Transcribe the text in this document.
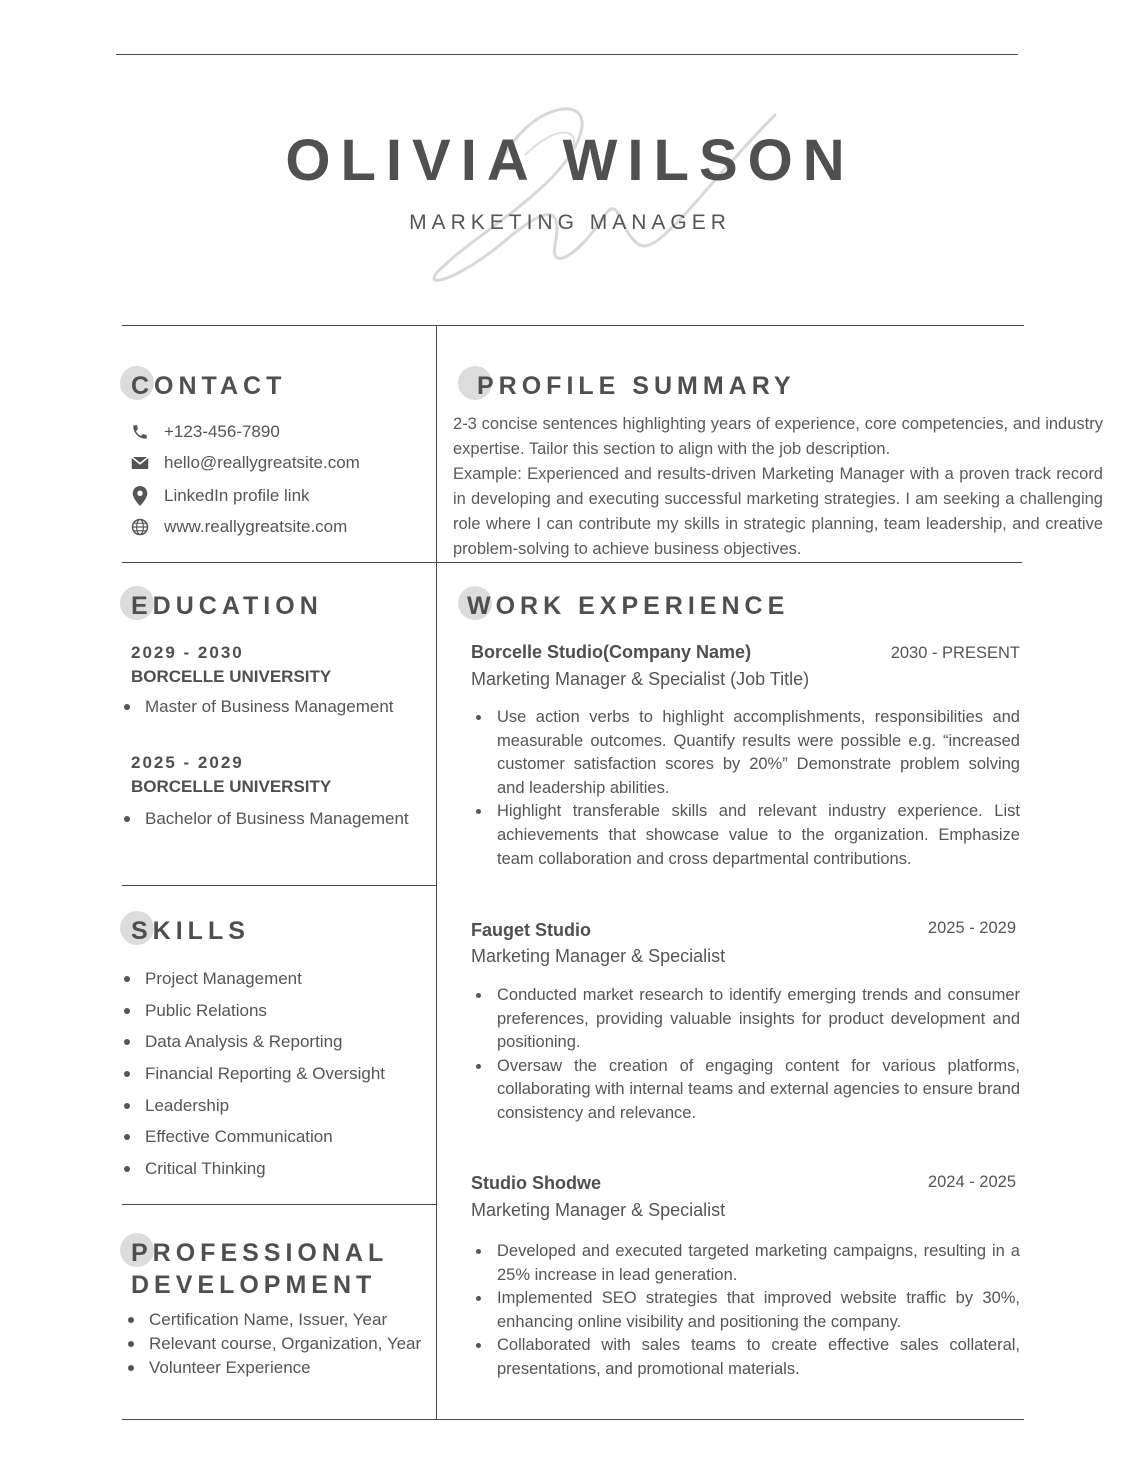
OLIVIA WILSON
MARKETING MANAGER
CONTACT
+123-456-7890
hello@reallygreatsite.com
LinkedIn profile link
www.reallygreatsite.com
PROFILE SUMMARY

2-3 concise sentences highlighting years of experience, core competencies, and industry expertise. Tailor this section to align with the job description.

Example: Experienced and results-driven Marketing Manager with a proven track record in developing and executing successful marketing strategies. I am seeking a challenging role where I can contribute my skills in strategic planning, team leadership, and creative problem-solving to achieve business objectives.

EDUCATION
2029 - 2030
BORCELLE UNIVERSITY
Master of Business Management
2025 - 2029
BORCELLE UNIVERSITY
Bachelor of Business Management
SKILLS
Project Management
Public Relations
Data Analysis & Reporting
Financial Reporting & Oversight
Leadership
Effective Communication
Critical Thinking
PROFESSIONAL
DEVELOPMENT
Certification Name, Issuer, Year
Relevant course, Organization, Year
Volunteer Experience
WORK EXPERIENCE
Borcelle Studio(Company Name)	2030 - PRESENT
Marketing Manager & Specialist (Job Title)
Use action verbs to highlight accomplishments, responsibilities and measurable outcomes. Quantify results were possible e.g. “increased customer satisfaction scores by 20%” Demonstrate problem solving and leadership abilities.
Highlight transferable skills and relevant industry experience. List achievements that showcase value to the organization. Emphasize team collaboration and cross departmental contributions.
Fauget Studio	2025 - 2029
Marketing Manager & Specialist
Conducted market research to identify emerging trends and consumer preferences, providing valuable insights for product development and positioning.
Oversaw the creation of engaging content for various platforms, collaborating with internal teams and external agencies to ensure brand consistency and relevance.
Studio Shodwe	2024 - 2025
Marketing Manager & Specialist
Developed and executed targeted marketing campaigns, resulting in a 25% increase in lead generation.
Implemented SEO strategies that improved website traffic by 30%, enhancing online visibility and positioning the company.
Collaborated with sales teams to create effective sales collateral, presentations, and promotional materials.
